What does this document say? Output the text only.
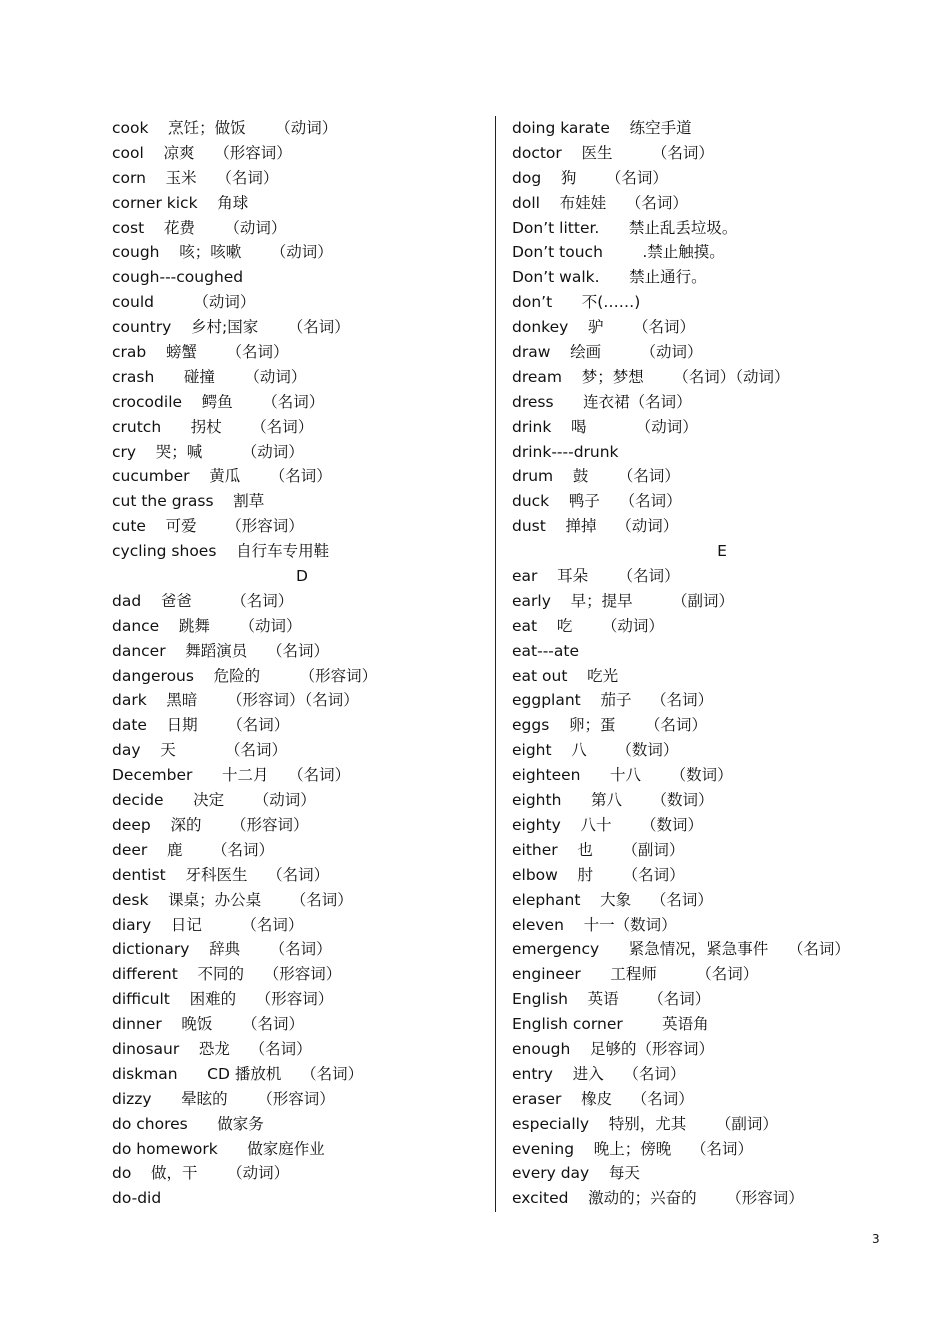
cook    烹饪；做饭      （动词）
cool    凉爽    （形容词）
corn    玉米    （名词）
corner kick    角球
cost    花费      （动词）
cough    咳；咳嗽      （动词）
cough---coughed
could        （动词）
country    乡村;国家      （名词）
crab    螃蟹      （名词）
crash      碰撞      （动词）
crocodile    鳄鱼      （名词）
crutch      拐杖      （名词）
cry    哭；喊        （动词）
cucumber    黄瓜      （名词）
cut the grass    割草
cute    可爱      （形容词）
cycling shoes    自行车专用鞋
D
dad    爸爸        （名词）
dance    跳舞      （动词）
dancer    舞蹈演员    （名词）
dangerous    危险的        （形容词）
dark    黑暗      （形容词）（名词）
date    日期      （名词）
day    天          （名词）
December      十二月    （名词）
decide      决定      （动词）
deep    深的      （形容词）
deer    鹿      （名词）
dentist    牙科医生    （名词）
desk    课桌；办公桌      （名词）
diary    日记        （名词）
dictionary    辞典      （名词）
different    不同的    （形容词）
difficult    困难的    （形容词）
dinner    晚饭      （名词）
dinosaur    恐龙    （名词）
diskman      CD 播放机    （名词）
dizzy      晕眩的      （形容词）
do chores      做家务
do homework      做家庭作业
do    做，干      （动词）
do-did
doing karate    练空手道
doctor    医生        （名词）
dog    狗      （名词）
doll    布娃娃    （名词）
Don’t litter.      禁止乱丢垃圾。
Don’t touch        .禁止触摸。
Don’t walk.      禁止通行。
don’t      不(……)
donkey    驴      （名词）
draw    绘画        （动词）
dream    梦；梦想      （名词）（动词）
dress      连衣裙（名词）
drink    喝          （动词）
drink----drunk
drum    鼓      （名词）
duck    鸭子    （名词）
dust    掸掉    （动词）
E
ear    耳朵      （名词）
early    早；提早        （副词）
eat    吃      （动词）
eat---ate
eat out    吃光
eggplant    茄子    （名词）
eggs    卵；蛋      （名词）
eight    八      （数词）
eighteen      十八      （数词）
eighth      第八      （数词）
eighty    八十      （数词）
either    也      （副词）
elbow    肘      （名词）
elephant    大象    （名词）
eleven    十一（数词）
emergency      紧急情况，紧急事件    （名词）
engineer      工程师        （名词）
English    英语      （名词）
English corner        英语角
enough    足够的（形容词）
entry    进入    （名词）
eraser    橡皮    （名词）
especially    特别，尤其      （副词）
evening    晚上；傍晚    （名词）
every day    每天
excited    激动的；兴奋的      （形容词）
3
